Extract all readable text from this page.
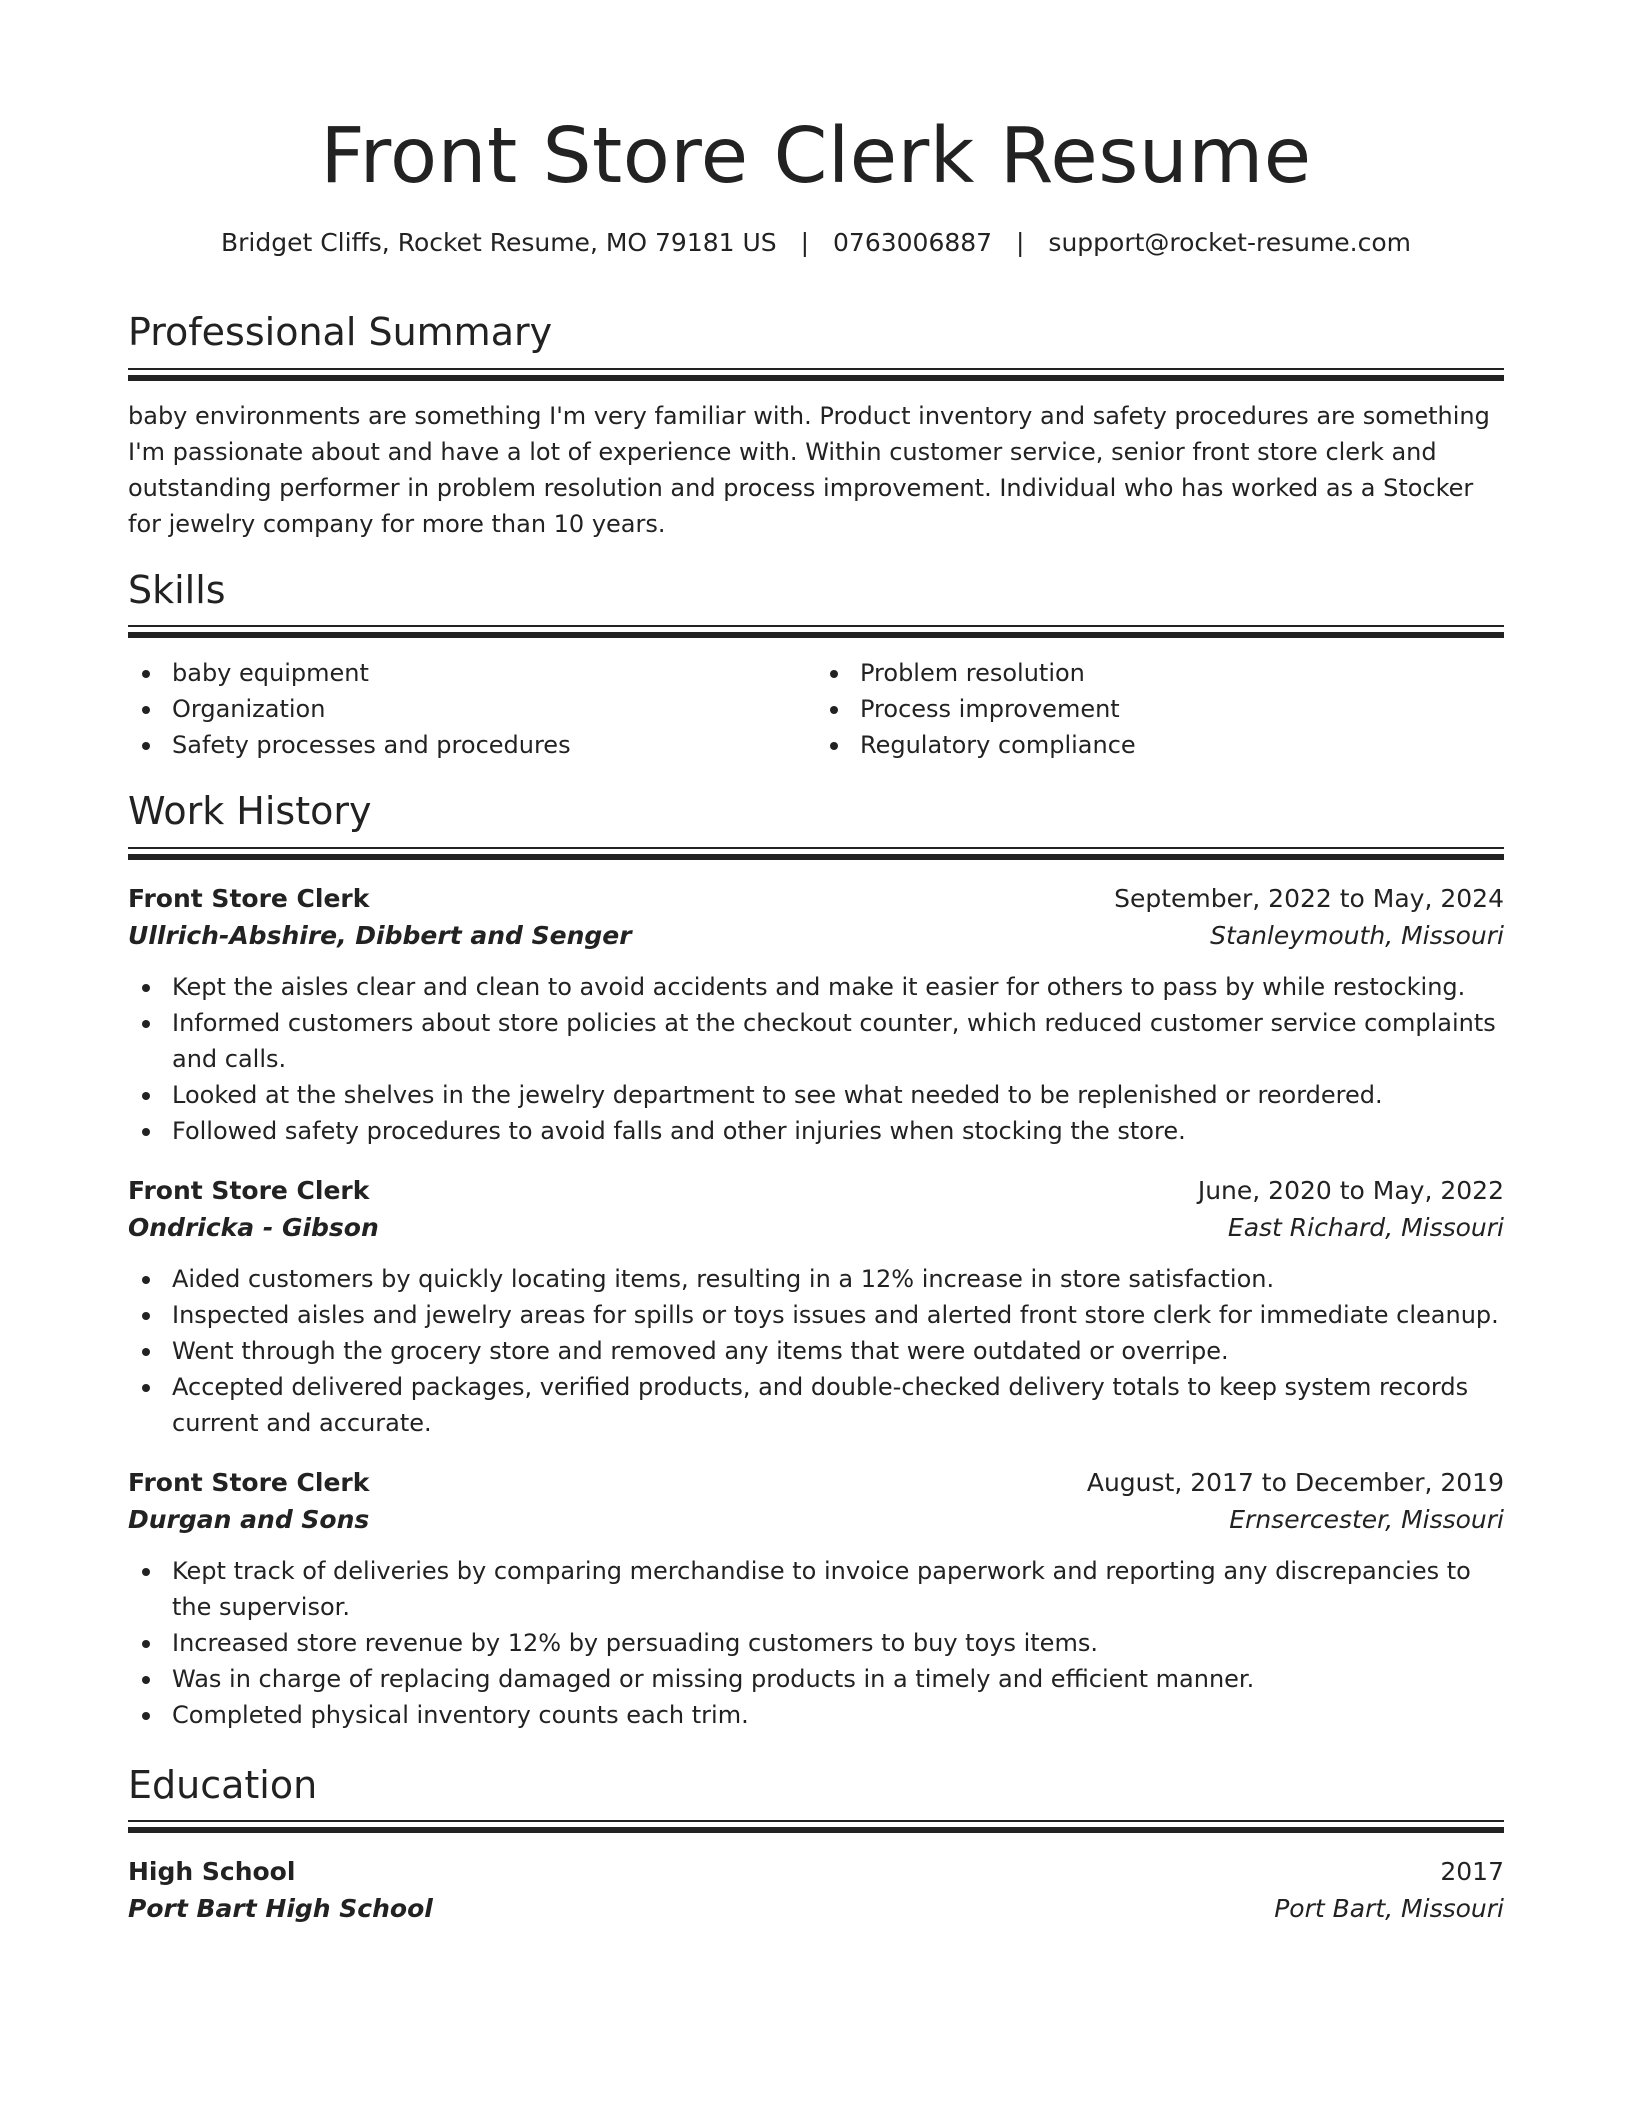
Front Store Clerk Resume
Bridget Cliffs, Rocket Resume, MO 79181 US | 0763006887 | support@rocket-resume.com
Professional Summary

baby environments are something I'm very familiar with. Product inventory and safety procedures are something I'm passionate about and have a lot of experience with. Within customer service, senior front store clerk and outstanding performer in problem resolution and process improvement. Individual who has worked as a Stocker for jewelry company for more than 10 years.

Skills
baby equipment
Organization
Safety processes and procedures
Problem resolution
Process improvement
Regulatory compliance
Work History
Front Store Clerk	September, 2022 to May, 2024
Ullrich-Abshire, Dibbert and Senger	Stanleymouth, Missouri
Kept the aisles clear and clean to avoid accidents and make it easier for others to pass by while restocking.
Informed customers about store policies at the checkout counter, which reduced customer service complaints and calls.
Looked at the shelves in the jewelry department to see what needed to be replenished or reordered.
Followed safety procedures to avoid falls and other injuries when stocking the store.
Front Store Clerk	June, 2020 to May, 2022
Ondricka - Gibson	East Richard, Missouri
Aided customers by quickly locating items, resulting in a 12% increase in store satisfaction.
Inspected aisles and jewelry areas for spills or toys issues and alerted front store clerk for immediate cleanup.
Went through the grocery store and removed any items that were outdated or overripe.
Accepted delivered packages, verified products, and double-checked delivery totals to keep system records current and accurate.
Front Store Clerk	August, 2017 to December, 2019
Durgan and Sons	Ernsercester, Missouri
Kept track of deliveries by comparing merchandise to invoice paperwork and reporting any discrepancies to the supervisor.
Increased store revenue by 12% by persuading customers to buy toys items.
Was in charge of replacing damaged or missing products in a timely and efficient manner.
Completed physical inventory counts each trim.
Education
High School	2017
Port Bart High School	Port Bart, Missouri
